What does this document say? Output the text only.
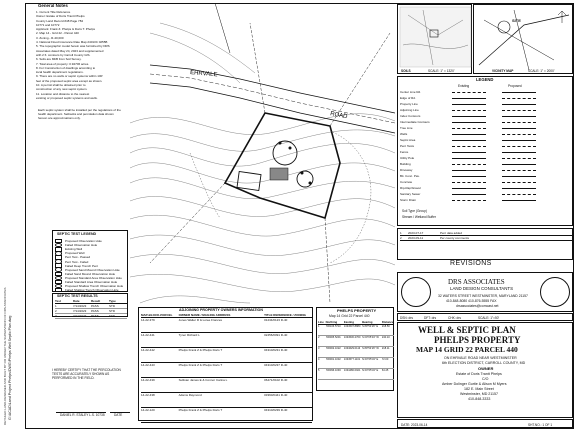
G:\ACAD\Land Project Phelps\DWG\Phelps Well Septic Plan.dwg
DETAILED LAND-DESIGNED AND BUILT BY OR UNDER THE SUPERVISION OF DRS ASSOCIATES
General Notes
1. Current Title Reference
Owner: Estate of Doris Trantt Phelps
County Land Record #48 Page 784
10771 and 10772
Applicant: Frank Z. Phelps & Doris T. Phelps
2. Map 14 - Grid 22 - Parcel 440
3. Zoning - R-40,000
4. National Flood Insurance Rate Map 24013C 0255B
5. The topographic model herein was furnished by DRS
Associates dated May 24, 2023 and supplemented
with 2 ft. contours by Carroll County GIS.
6. Soils are MbB from Soil Survey.
7. Total area of property: 0.92706 acres.
8. For Construction of dwellings according to
local health department regulations.
9. There are no wells or septic systems within 100'
feet of the proposed septic area except as shown.
10. A permit shall be obtained prior to
construction of any new septic system.
11. Location and distance to the nearest
existing or proposed septic systems and wells.
Each septic system shall be installed per the regulations of the health department. Setbacks and percolation data shown hereon are approximations only.
SEPTIC TEST LEGEND
Proposed Observation Hole
Failed Observation Hole
Existing Well
Proposed Well
Perc Test - Passed
Perc Test - Failed
Failed Deep Trench Perc
Proposed Sand Mound Observation Hole
Failed Sand Mound Observation Hole
Proposed Standard Area Observation Hole
Failed Standard Area Observation Hole
Proposed Shallow Trench Observation Hole
Failed Shallow Trench Observation Hole
SEPTIC TEST RESULTS
Test	Date	Result	Type
1	7/14/2023	PASS	STD
2	7/14/2023	PASS	STD
3	7/14/2023	PASS	STD
I HEREBY CERTIFY THAT THE PERCOLATION TESTS ARE ACCURATELY SHOWN AS PERFORMED IN THE FIELD.
DANIEL R. STALEY L.S. 10735	DATE
EHRVALE
ROAD
ADJOINING PROPERTY OWNERS INFORMATION
MAP-BLOCK-PARCEL	OWNER NAME / MAILING ADDRESS	TITLE REFERENCE / ZONING
14-22-379	Jones Walter R & Loree Frances	01234/0123 R-40
14-22-441	Tyner Richard L	02456/0091 R-40
14-22-442	Phelps Frank Z & Phelps Doris T	04310/0231 R-40
14-22-443	Phelps Frank Z & Phelps Doris T	04310/0237 R-40
14-22-439	Sullivan James E & Connor Carina L	06471/0102 R-40
14-22-438	Adams Raymond	03360/0441 R-40
14-22-120	Phelps Frank Z & Phelps Doris T	04310/0239 R-40
PHELPS PROPERTY
Map 14 Grid 22 Parcel 440
Line Northing	Easting	Bearing	Distance
1	706106.5710	1334507.8880 S 89°54'26" E	218.50
2	706005.5201	1334530.2760 S 00°05'34" W	240.10
3	706002.1022	1334629.0113 S 89°54'26" W	218.11
4	706001.1032	1334577.1101 N 00°05'34" E	72.00
5	706096.1093	1334480.0921 N 00°05'34" E	64.45
SOILS	SCALE: 1" = 1320'
SITE
VICINITY MAP	SCALE: 1" = 2000'
LEGEND
Existing	Proposed
Center Line Rd.
Edge of Rd.
Property Line
Adjoining Line
Index Contours
Intermediate Contours
Tree Line
Wells
Septic Area
Perc Tests
Fence
Utility Pole
Building
Driveway
Bit. Conc. Pav.
Concrete
Rip-Rap/Gravel
Sanitary Sewer
Storm Drain
Soil Type (Group)
Stream / Wetland Buffer
1	2023-07-17	Perc data added
2	2023-09-11	Per county comments
REVISIONS
DRS ASSOCIATES
LAND DESIGN CONSULTANTS
32 WATERS STREET WESTMINSTER, MARYLAND 21157
410-848-8080 410-876-5555 FAX
drsassociates@comcast.net
DSN: drs	DFT: drs	CHK: drs	SCALE: 1"=50'
WELL & SEPTIC PLAN
PHELPS PROPERTY
MAP 14 GRID 22 PARCEL 440
ON EHRVALE ROAD NEAR WESTMINSTER
6th ELECTION DISTRICT, CARROLL COUNTY, MD
OWNER
Estate of Doris Trantt Phelps
C/O
Amber Dolinger Gurtie & Alison M Myers
182 E. Main Street
Westminster, MD 21157
410-848-3333
DATE: 2023-06-14	SHT.NO.: 1 OF 1
